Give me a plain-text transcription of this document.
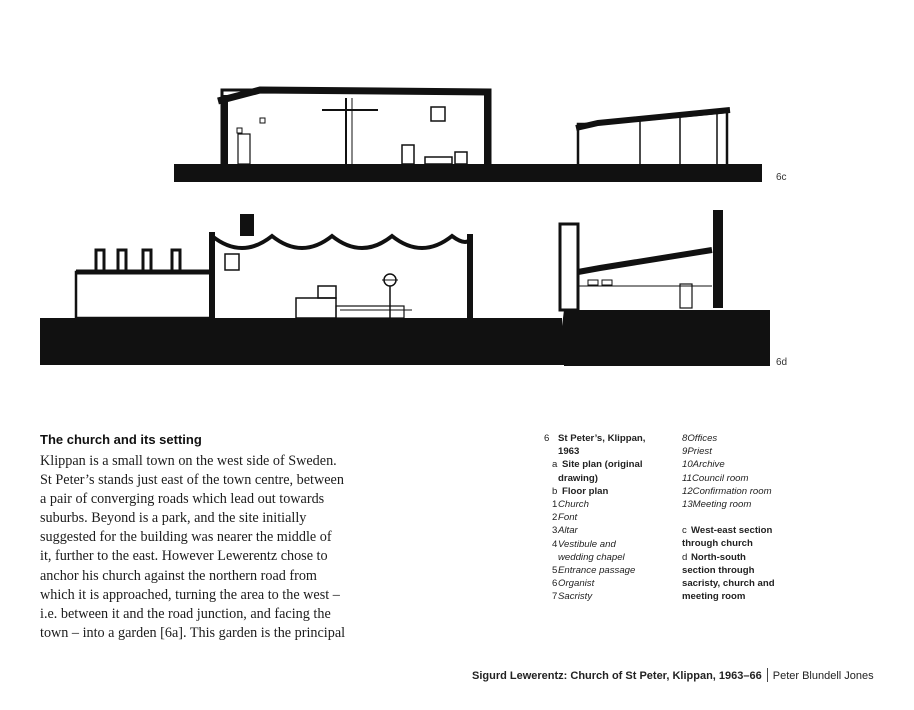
6c
6d
The church and its setting

Klippan is a small town on the west side of Sweden.

St Peter’s stands just east of the town centre, between

a pair of converging roads which lead out towards

suburbs. Beyond is a park, and the site initially

suggested for the building was nearer the middle of

it, further to the east. However Lewerentz chose to

anchor his church against the northern road from

which it is approached, turning the area to the west –

i.e. between it and the road junction, and facing the

town – into a garden [6a]. This garden is the principal

6 St Peter’s, Klippan,
1963
a Site plan (original
drawing)
b Floor plan
1 Church
2 Font
3 Altar
4 Vestibule and
wedding chapel
5 Entrance passage
6 Organist
7 Sacristy
8 Offices
9 Priest
10 Archive
11 Council room
12 Confirmation room
13 Meeting room
c West-east section
through church
d North-south
section through
sacristy, church and
meeting room
Sigurd Lewerentz: Church of St Peter, Klippan, 1963–66 Peter Blundell Jones
